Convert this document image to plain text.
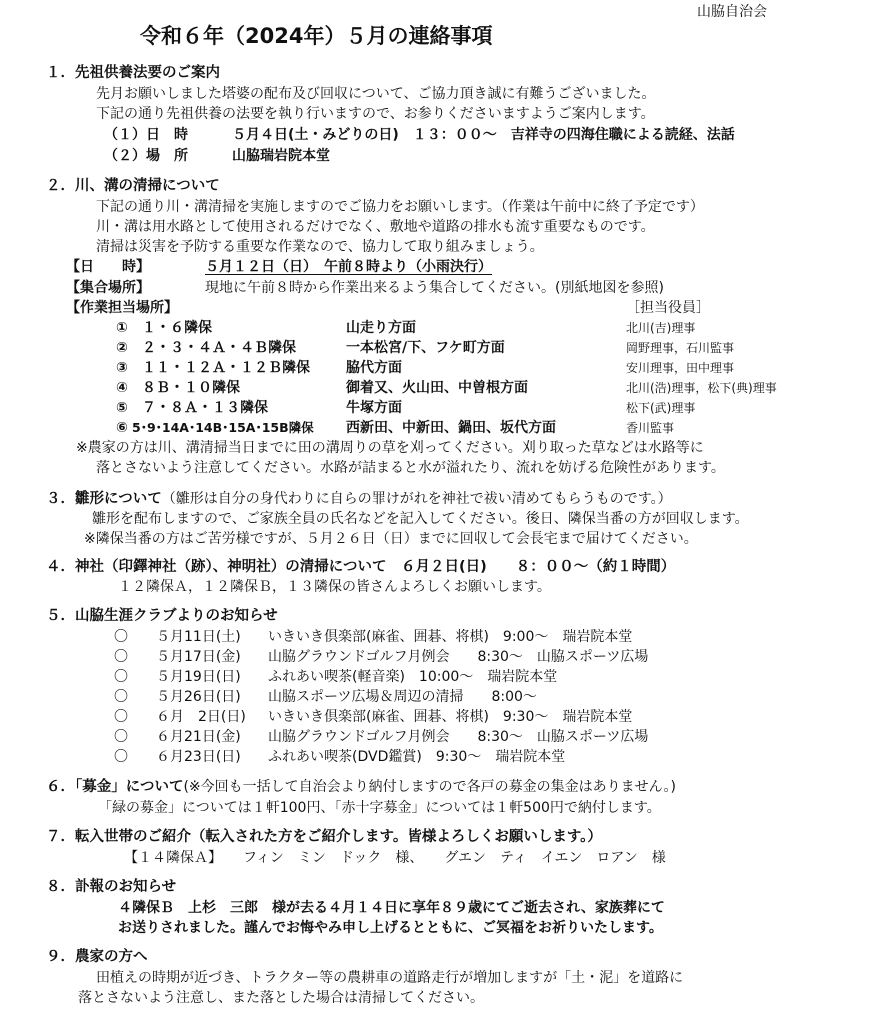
山脇自治会
令和６年（2024年）５月の連絡事項
１．先祖供養法要のご案内
先月お願いしました塔婆の配布及び回収について、ご協力頂き誠に有難うございました。
下記の通り先祖供養の法要を執り行いますので、お参りくださいますようご案内します。
（１）日　時	５月４日(土・みどりの日)　１３：００～　吉祥寺の四海住職による読経、法話
（２）場　所	山脇瑞岩院本堂
２．川、溝の清掃について
下記の通り川・溝清掃を実施しますのでご協力をお願いします。（作業は午前中に終了予定です）
川・溝は用水路として使用されるだけでなく、敷地や道路の排水も流す重要なものです。
清掃は災害を予防する重要な作業なので、協力して取り組みましょう。
【日　　時】	５月１２日（日）　午前８時より（小雨決行）
【集合場所】	現地に午前８時から作業出来るよう集合してください。(別紙地図を参照)
【作業担当場所】	［担当役員］
① １・６隣保	山走り方面	北川(吉)理事
② ２・３・４Ａ・４Ｂ隣保	一本松宮/下、フケ町方面	岡野理事，石川監事
③ １１・１２Ａ・１２Ｂ隣保	脇代方面	安川理事，田中理事
④ ８Ｂ・１０隣保	御着又、火山田、中曽根方面	北川(浩)理事，松下(典)理事
⑤ ７・８Ａ・１３隣保	牛塚方面	松下(武)理事
⑥ 5･9･14A･14B･15A･15B隣保 西新田、中新田、鍋田、坂代方面	香川監事
※農家の方は川、溝清掃当日までに田の溝周りの草を刈ってください。刈り取った草などは水路等に
落とさないよう注意してください。水路が詰まると水が溢れたり、流れを妨げる危険性があります。
３．雛形について（雛形は自分の身代わりに自らの罪けがれを神社で祓い清めてもらうものです。）
雛形を配布しますので、ご家族全員の氏名などを記入してください。後日、隣保当番の方が回収します。
※隣保当番の方はご苦労様ですが、５月２６日（日）までに回収して会長宅まで届けてください。
４．神社（印鐸神社（跡）、神明社）の清掃について　６月２日(日)　　８：００～（約１時間）
１２隣保Ａ，１２隣保Ｂ，１３隣保の皆さんよろしくお願いします。
５．山脇生涯クラブよりのお知らせ
〇 ５月11日(土) いきいき倶楽部(麻雀、囲碁、将棋)　9:00～　瑞岩院本堂
〇 ５月17日(金) 山脇グラウンドゴルフ月例会　　8:30～　山脇スポーツ広場
〇 ５月19日(日) ふれあい喫茶(軽音楽)　10:00～　瑞岩院本堂
〇 ５月26日(日) 山脇スポーツ広場＆周辺の清掃　　8:00～
〇 ６月　2日(日) いきいき倶楽部(麻雀、囲碁、将棋)　9:30～　瑞岩院本堂
〇 ６月21日(金) 山脇グラウンドゴルフ月例会　　8:30～　山脇スポーツ広場
〇 ６月23日(日) ふれあい喫茶(DVD鑑賞)　9:30～　瑞岩院本堂
６．「募金」について(※今回も一括して自治会より納付しますので各戸の募金の集金はありません。)
「緑の募金」については１軒100円、「赤十字募金」については１軒500円で納付します。
７．転入世帯のご紹介（転入された方をご紹介します。皆様よろしくお願いします。）
【１４隣保Ａ】　　フィン　ミン　ドック　様、　　グエン　ティ　イエン　ロアン　様
８．訃報のお知らせ
４隣保Ｂ　上杉　三郎　様が去る４月１４日に享年８９歳にてご逝去され、家族葬にて
お送りされました。謹んでお悔やみ申し上げるとともに、ご冥福をお祈りいたします。
９．農家の方へ
田植えの時期が近づき、トラクター等の農耕車の道路走行が増加しますが「土・泥」を道路に
落とさないよう注意し、また落とした場合は清掃してください。
